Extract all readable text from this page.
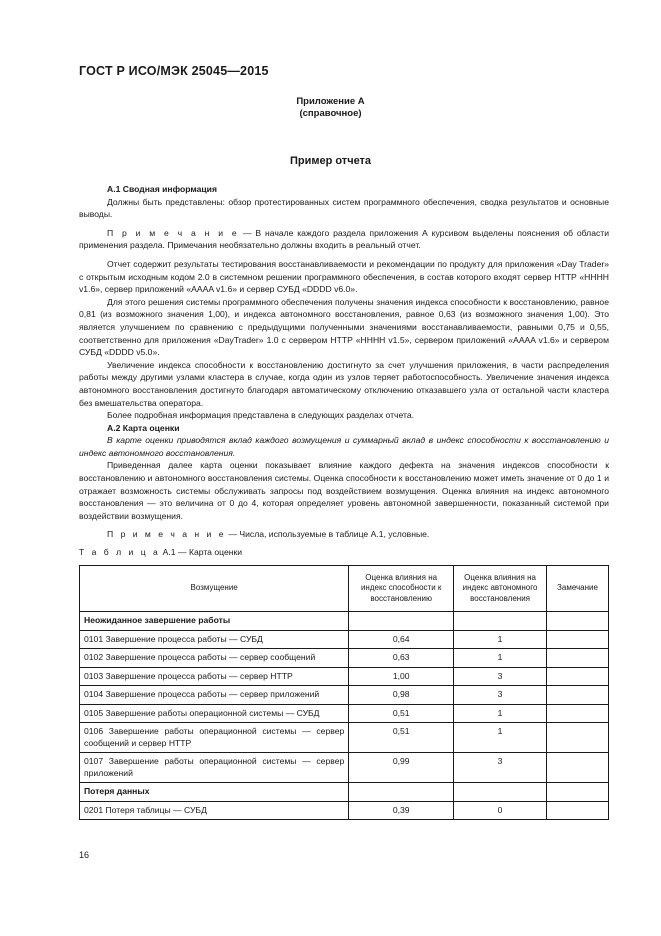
ГОСТ Р ИСО/МЭК 25045—2015
Приложение А
(справочное)
Пример отчета

А.1 Сводная информация

Должны быть представлены: обзор протестированных систем программного обеспечения, сводка результатов и основные выводы.

П р и м е ч а н и е — В начале каждого раздела приложения А курсивом выделены пояснения об области применения раздела. Примечания необязательно должны входить в реальный отчет.

Отчет содержит результаты тестирования восстанавливаемости и рекомендации по продукту для приложения «Day Trader» с открытым исходным кодом 2.0 в системном решении программного обеспечения, в состав которого входят сервер HTTP «HHHH v1.6», сервер приложений «AAAA v1.6» и сервер СУБД «DDDD v6.0».

Для этого решения системы программного обеспечения получены значения индекса способности к восстановлению, равное 0,81 (из возможного значения 1,00), и индекса автономного восстановления, равное 0,63 (из возможного значения 1,00). Это является улучшением по сравнению с предыдущими полученными значениями восстанавливаемости, равными 0,75 и 0,55, соответственно для приложения «DayTrader» 1.0 с сервером HTTP «HHHH v1.5», сервером приложений «AAAA v1.6» и сервером СУБД «DDDD v5.0».

Увеличение индекса способности к восстановлению достигнуто за счет улучшения приложения, в части распределения работы между другими узлами кластера в случае, когда один из узлов теряет работоспособность. Увеличение значения индекса автономного восстановления достигнуто благодаря автоматическому отключению отказавшего узла от остальной части кластера без вмешательства оператора.

Более подробная информация представлена в следующих разделах отчета.

А.2 Карта оценки

В карте оценки приводятся вклад каждого возмущения и суммарный вклад в индекс способности к восстановлению и индекс автономного восстановления.

Приведенная далее карта оценки показывает влияние каждого дефекта на значения индексов способности к восстановлению и автономного восстановления системы. Оценка способности к восстановлению может иметь значение от 0 до 1 и отражает возможность системы обслуживать запросы под воздействием возмущения. Оценка влияния на индекс автономного восстановления — это величина от 0 до 4, которая определяет уровень автономной завершенности, показанный системой при воздействии возмущения.

П р и м е ч а н и е — Числа, используемые в таблице А.1, условные.

Т а б л и ц а А.1 — Карта оценки
Возмущение	Оценка влияния на индекс способности к восстановлению	Оценка влияния на индекс автономного восстановления	Замечание
Неожиданное завершение работы			
0101 Завершение процесса работы — СУБД	0,64	1	
0102 Завершение процесса работы — сервер сообщений	0,63	1	
0103 Завершение процесса работы — сервер HTTP	1,00	3	
0104 Завершение процесса работы — сервер приложений	0,98	3	
0105 Завершение работы операционной системы — СУБД	0,51	1	
0106 Завершение работы операционной системы — сервер сообщений и сервер HTTP	0,51	1	
0107 Завершение работы операционной системы — сервер приложений	0,99	3	
Потеря данных			
0201 Потеря таблицы — СУБД	0,39	0	
16
